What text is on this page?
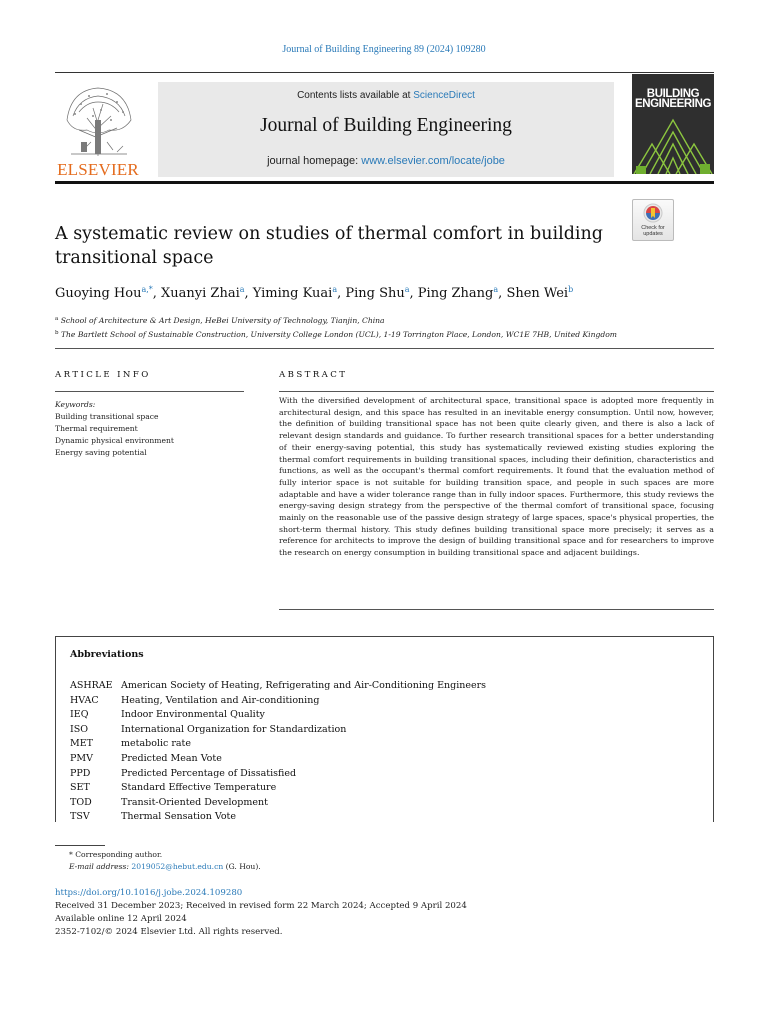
Journal of Building Engineering 89 (2024) 109280
ELSEVIER
Contents lists available at ScienceDirect
Journal of Building Engineering
journal homepage: www.elsevier.com/locate/jobe
BUILDING
ENGINEERING
Check for
updates
A systematic review on studies of thermal comfort in building transitional space
Guoying Hou$^{a,*}$, Xuanyi Zhai$^a$, Yiming Kuai$^a$, Ping Shu$^a$, Ping Zhang$^a$, Shen Wei$^b$
$^a$ School of Architecture & Art Design, HeBei University of Technology, Tianjin, China
$^b$ The Bartlett School of Sustainable Construction, University College London (UCL), 1-19 Torrington Place, London, WC1E 7HB, United Kingdom
ARTICLE INFO	ABSTRACT
Keywords:
Building transitional space
Thermal requirement
Dynamic physical environment
Energy saving potential

With the diversified development of architectural space, transitional space is adopted more frequently in architectural design, and this space has resulted in an inevitable energy consumption. Until now, however, the definition of building transitional space has not been quite clearly given, and there is also a lack of relevant design standards and guidance. To further research transitional spaces for a better understanding of their energy-saving potential, this study has systematically reviewed existing studies exploring the thermal comfort requirements in building transitional spaces, including their definition, characteristics and functions, as well as the occupant's thermal comfort requirements. It found that the evaluation method of fully interior space is not suitable for building transition space, and people in such spaces are more adaptable and have a wider tolerance range than in fully indoor spaces. Furthermore, this study reviews the energy-saving design strategy from the perspective of the thermal comfort of transitional space, focusing mainly on the reasonable use of the passive design strategy of large spaces, space's physical properties, the short-term thermal history. This study defines building transitional space more precisely; it serves as a reference for architects to improve the design of building transitional space and for researchers to improve the research on energy consumption in building transitional space and adjacent buildings.

Abbreviations
ASHRAE American Society of Heating, Refrigerating and Air-Conditioning Engineers
HVAC	Heating, Ventilation and Air-conditioning
IEQ	Indoor Environmental Quality
ISO	International Organization for Standardization
MET	metabolic rate
PMV	Predicted Mean Vote
PPD	Predicted Percentage of Dissatisfied
SET	Standard Effective Temperature
TOD	Transit-Oriented Development
TSV	Thermal Sensation Vote
* Corresponding author.
E-mail address: 2019052@hebut.edu.cn (G. Hou).
https://doi.org/10.1016/j.jobe.2024.109280
Received 31 December 2023; Received in revised form 22 March 2024; Accepted 9 April 2024
Available online 12 April 2024
2352-7102/© 2024 Elsevier Ltd. All rights reserved.
